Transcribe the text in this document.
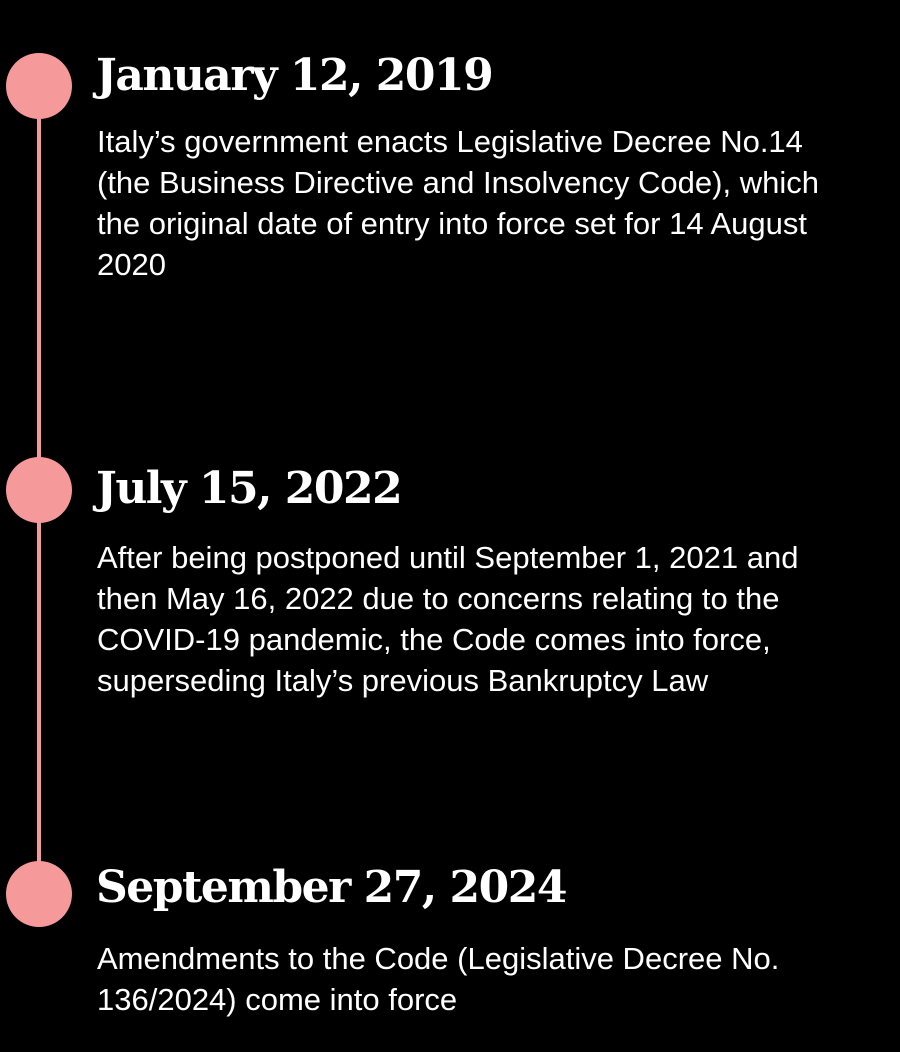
January 12, 2019

Italy’s government enacts Legislative Decree No.14 (the Business Directive and Insolvency Code), which the original date of entry into force set for 14 August 2020

July 15, 2022

After being postponed until September 1, 2021 and then May 16, 2022 due to concerns relating to the COVID-19 pandemic, the Code comes into force, superseding Italy’s previous Bankruptcy Law

September 27, 2024

Amendments to the Code (Legislative Decree No. 136/2024) come into force
